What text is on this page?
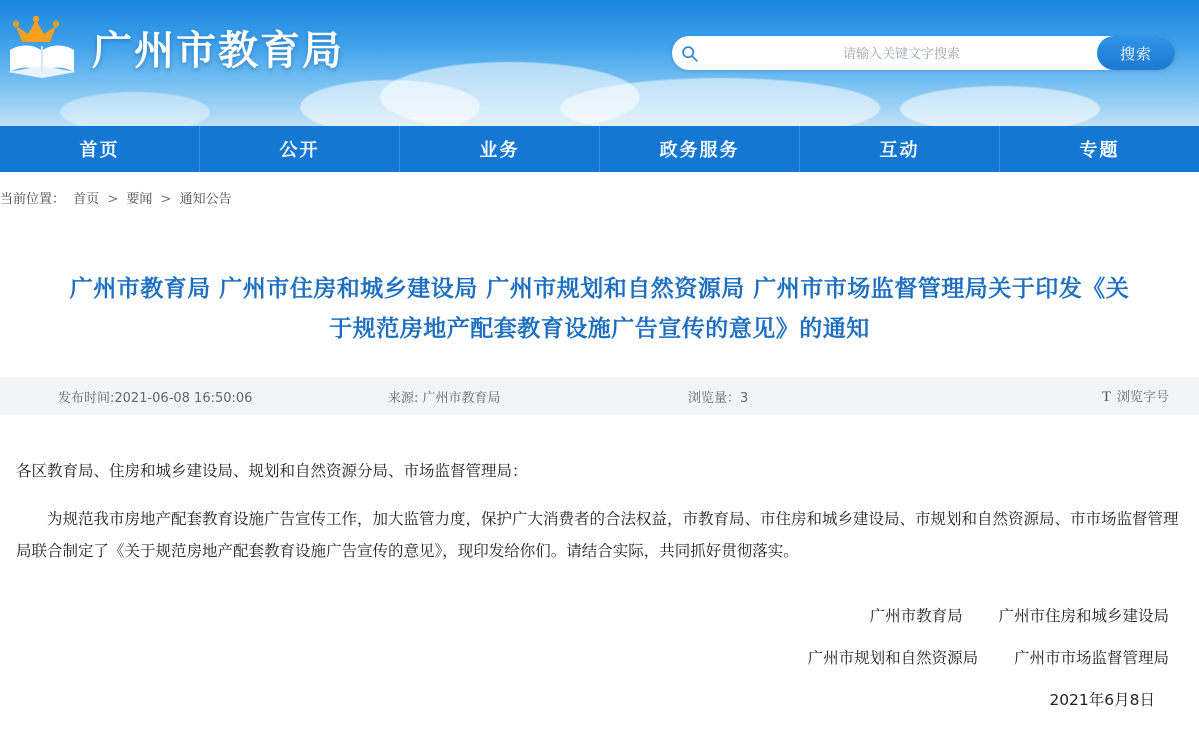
广州市教育局
请输入关键文字搜索	搜索
首页	公开	业务	政务服务	互动	专题
当前位置： 首页 > 要闻 > 通知公告
广州市教育局 广州市住房和城乡建设局 广州市规划和自然资源局 广州市市场监督管理局关于印发《关于规范房地产配套教育设施广告宣传的意见》的通知
发布时间:2021-06-08 16:50:06	来源: 广州市教育局	浏览量：3	T 浏览字号

各区教育局、住房和城乡建设局、规划和自然资源分局、市场监督管理局：

为规范我市房地产配套教育设施广告宣传工作，加大监管力度，保护广大消费者的合法权益，市教育局、市住房和城乡建设局、市规划和自然资源局、市市场监督管理局联合制定了《关于规范房地产配套教育设施广告宣传的意见》，现印发给你们。请结合实际，共同抓好贯彻落实。

广州市教育局 广州市住房和城乡建设局
广州市规划和自然资源局 广州市市场监督管理局
2021年6月8日
